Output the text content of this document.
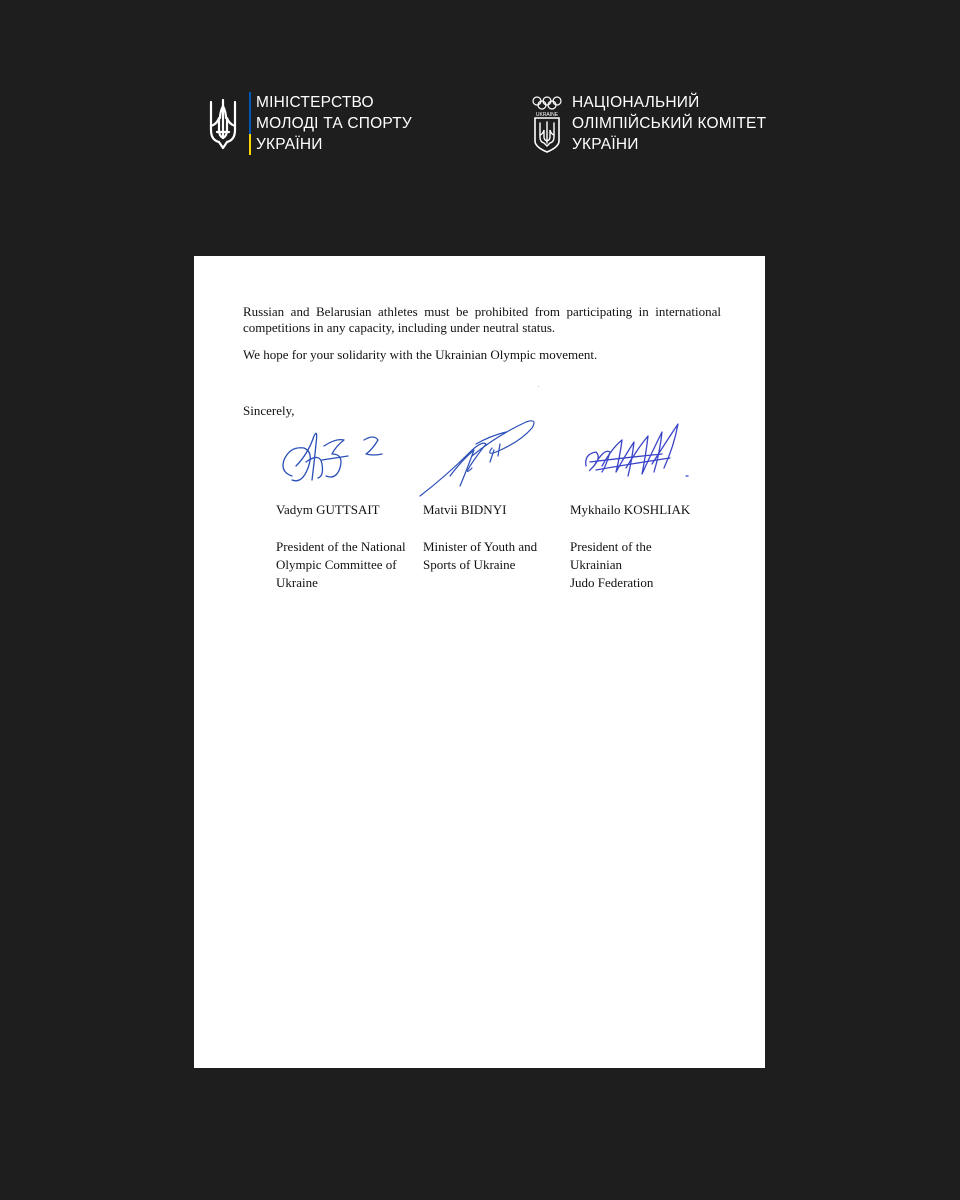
МІНІСТЕРСТВО
МОЛОДІ ТА СПОРТУ
УКРАЇНИ
UKRAINE
НАЦІОНАЛЬНИЙ
ОЛІМПІЙСЬКИЙ КОМІТЕТ
УКРАЇНИ

Russian and Belarusian athletes must be prohibited from participating in international competitions in any capacity, including under neutral status.

We hope for your solidarity with the Ukrainian Olympic movement.

Sincerely,
Vadym GUTTSAIT
President of the National
Olympic Committee of
Ukraine
Matvii BIDNYI
Minister of Youth and
Sports of Ukraine
Mykhailo KOSHLIAK
President of the
Ukrainian
Judo Federation
